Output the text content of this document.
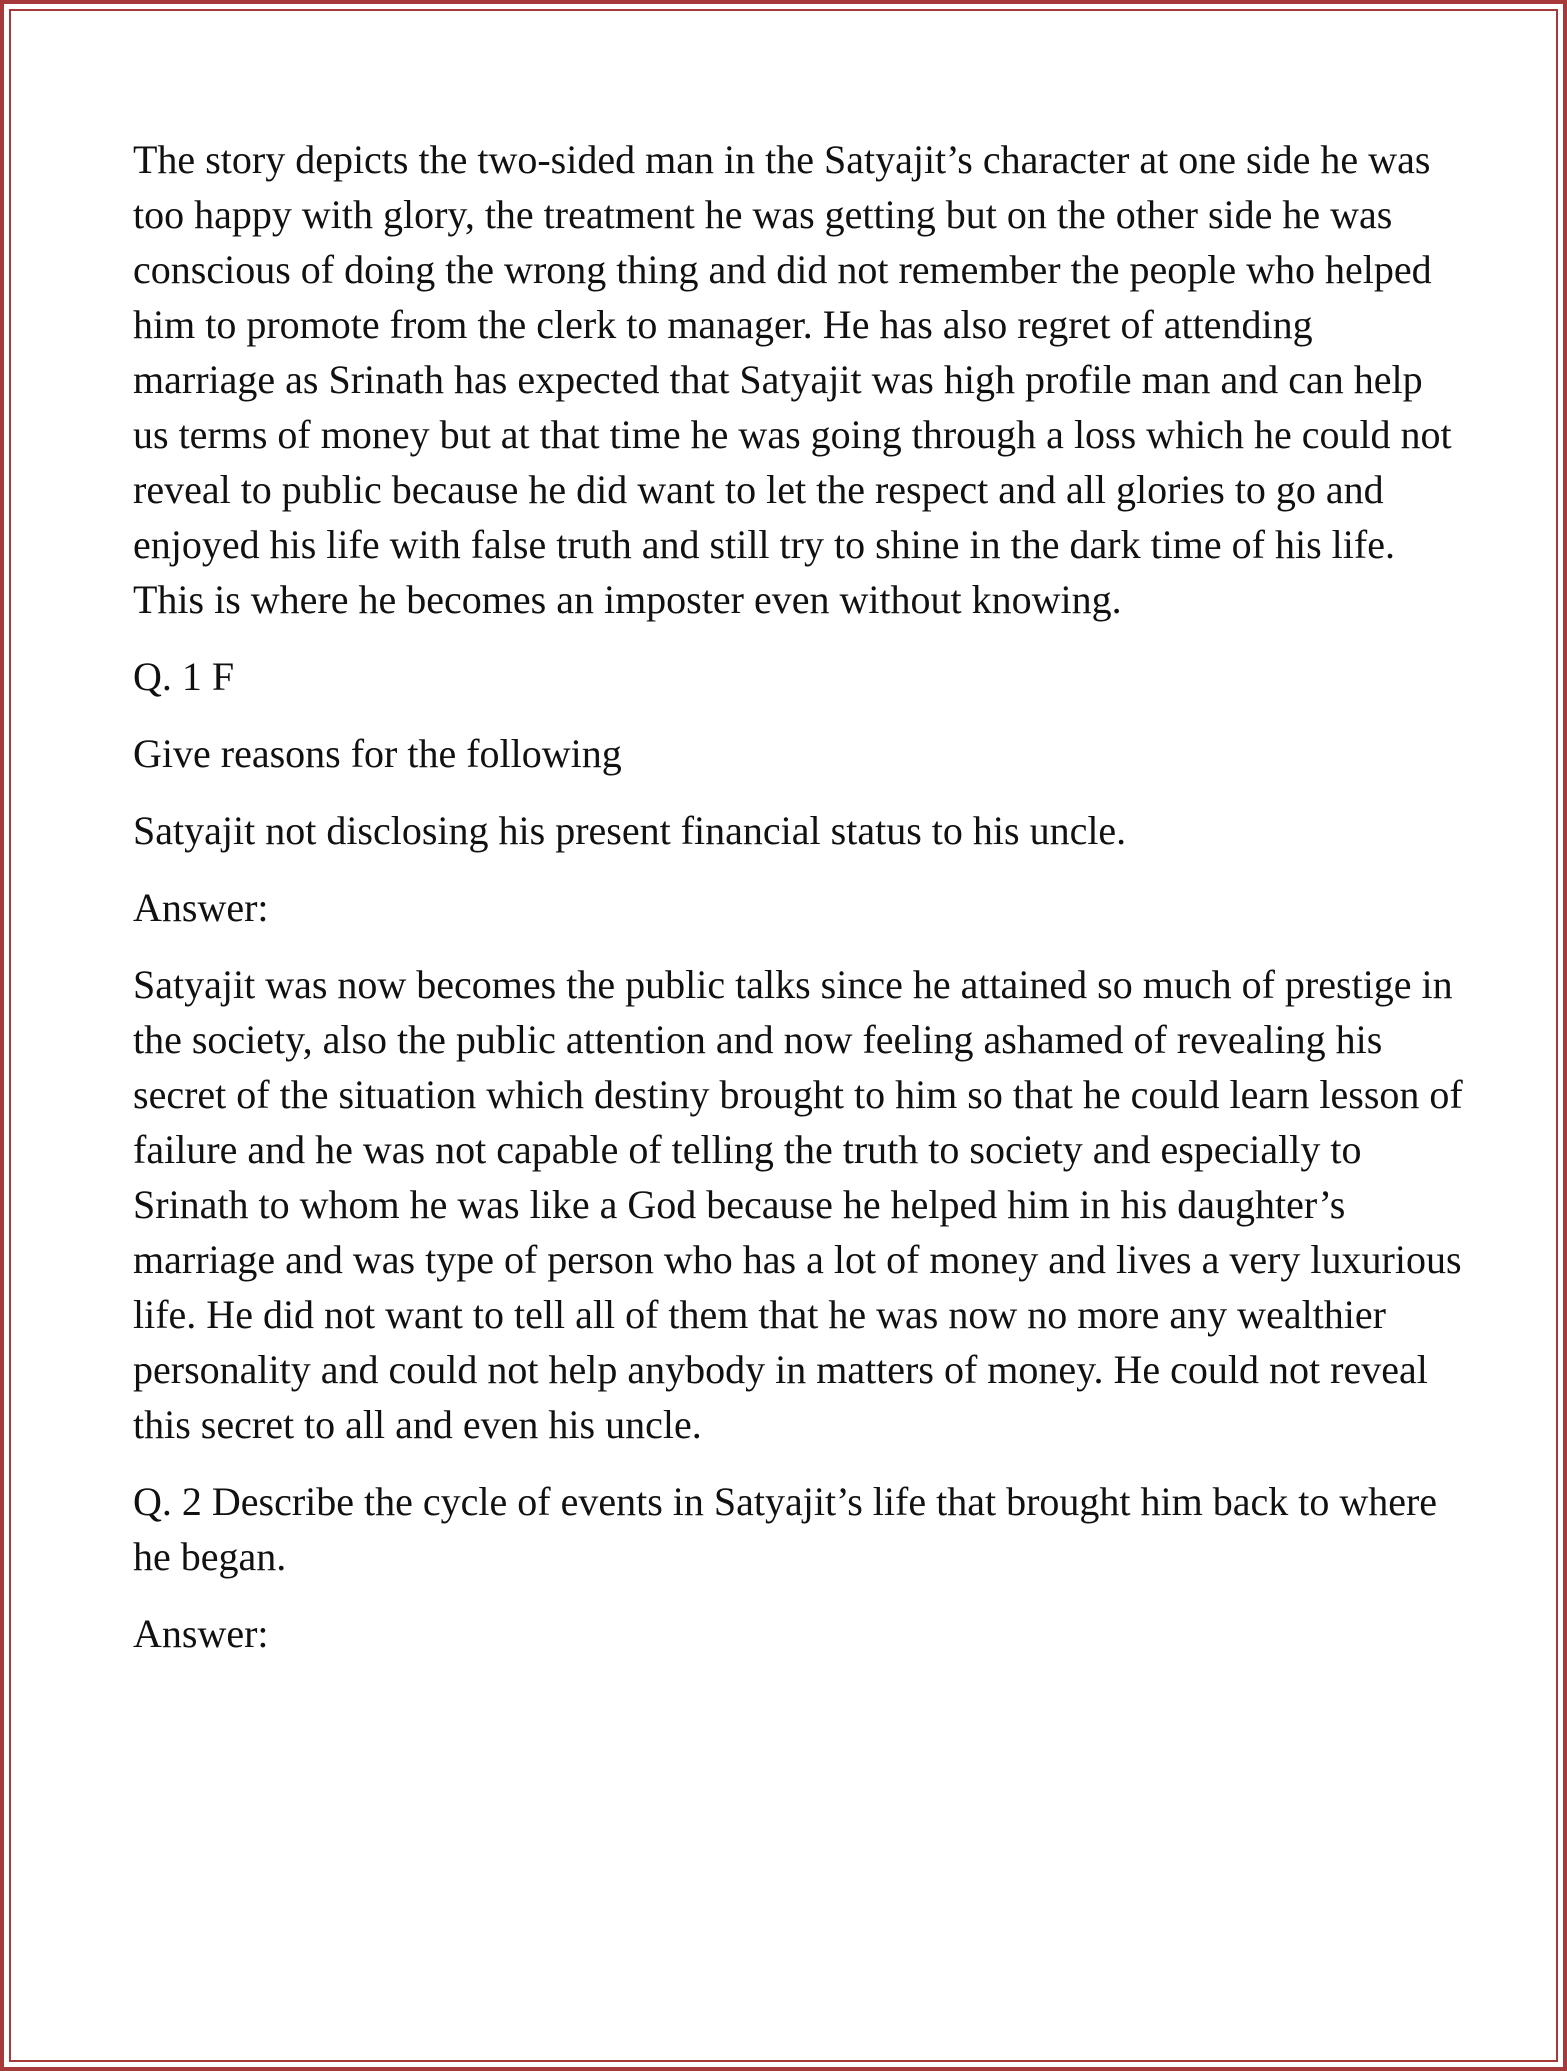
The story depicts the two-sided man in the Satyajit’s character at one side he was too happy with glory, the treatment he was getting but on the other side he was conscious of doing the wrong thing and did not remember the people who helped him to promote from the clerk to manager. He has also regret of attending marriage as Srinath has expected that Satyajit was high profile man and can help us terms of money but at that time he was going through a loss which he could not reveal to public because he did want to let the respect and all glories to go and enjoyed his life with false truth and still try to shine in the dark time of his life. This is where he becomes an imposter even without knowing.

Q. 1 F

Give reasons for the following

Satyajit not disclosing his present financial status to his uncle.

Answer:

Satyajit was now becomes the public talks since he attained so much of prestige in the society, also the public attention and now feeling ashamed of revealing his secret of the situation which destiny brought to him so that he could learn lesson of failure and he was not capable of telling the truth to society and especially to Srinath to whom he was like a God because he helped him in his daughter’s marriage and was type of person who has a lot of money and lives a very luxurious life. He did not want to tell all of them that he was now no more any wealthier personality and could not help anybody in matters of money. He could not reveal this secret to all and even his uncle.

Q. 2 Describe the cycle of events in Satyajit’s life that brought him back to where he began.

Answer:
